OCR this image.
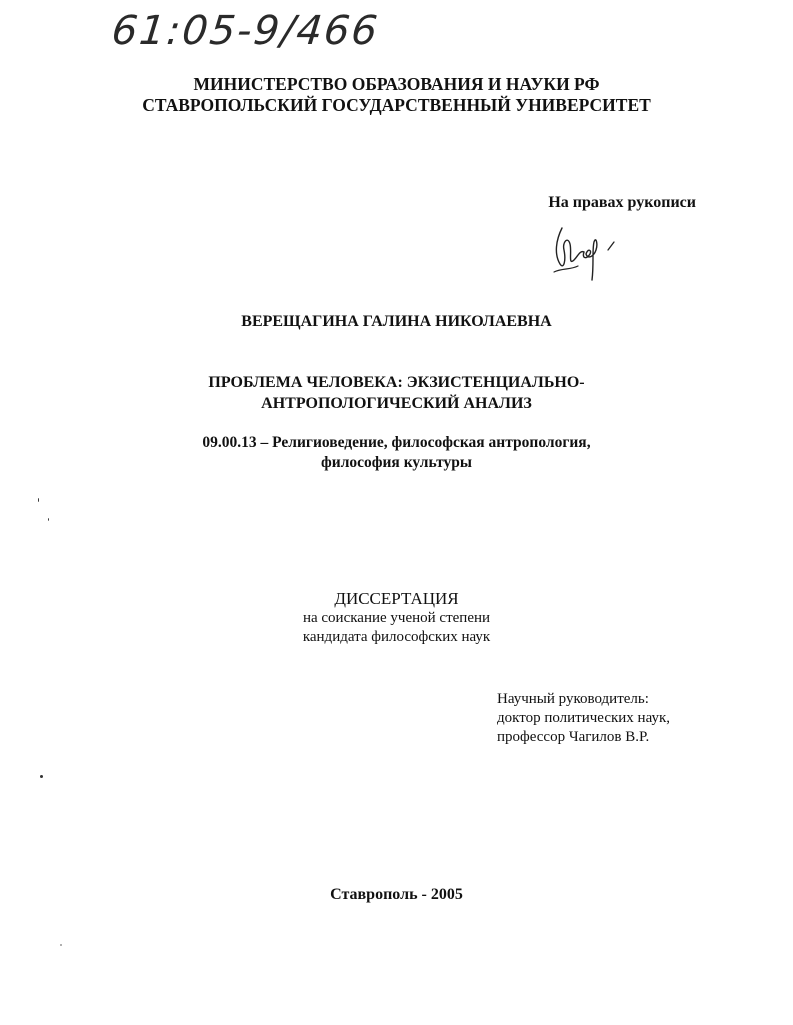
61:05-9/466
МИНИСТЕРСТВО ОБРАЗОВАНИЯ И НАУКИ РФ
СТАВРОПОЛЬСКИЙ ГОСУДАРСТВЕННЫЙ УНИВЕРСИТЕТ
На правах рукописи
ВЕРЕЩАГИНА ГАЛИНА НИКОЛАЕВНА
ПРОБЛЕМА ЧЕЛОВЕКА: ЭКЗИСТЕНЦИАЛЬНО-
АНТРОПОЛОГИЧЕСКИЙ АНАЛИЗ
09.00.13 – Религиоведение, философская антропология,
философия культуры
ДИССЕРТАЦИЯ
на соискание ученой степени
кандидата философских наук
Научный руководитель:
доктор политических наук,
профессор Чагилов В.Р.
Ставрополь - 2005
